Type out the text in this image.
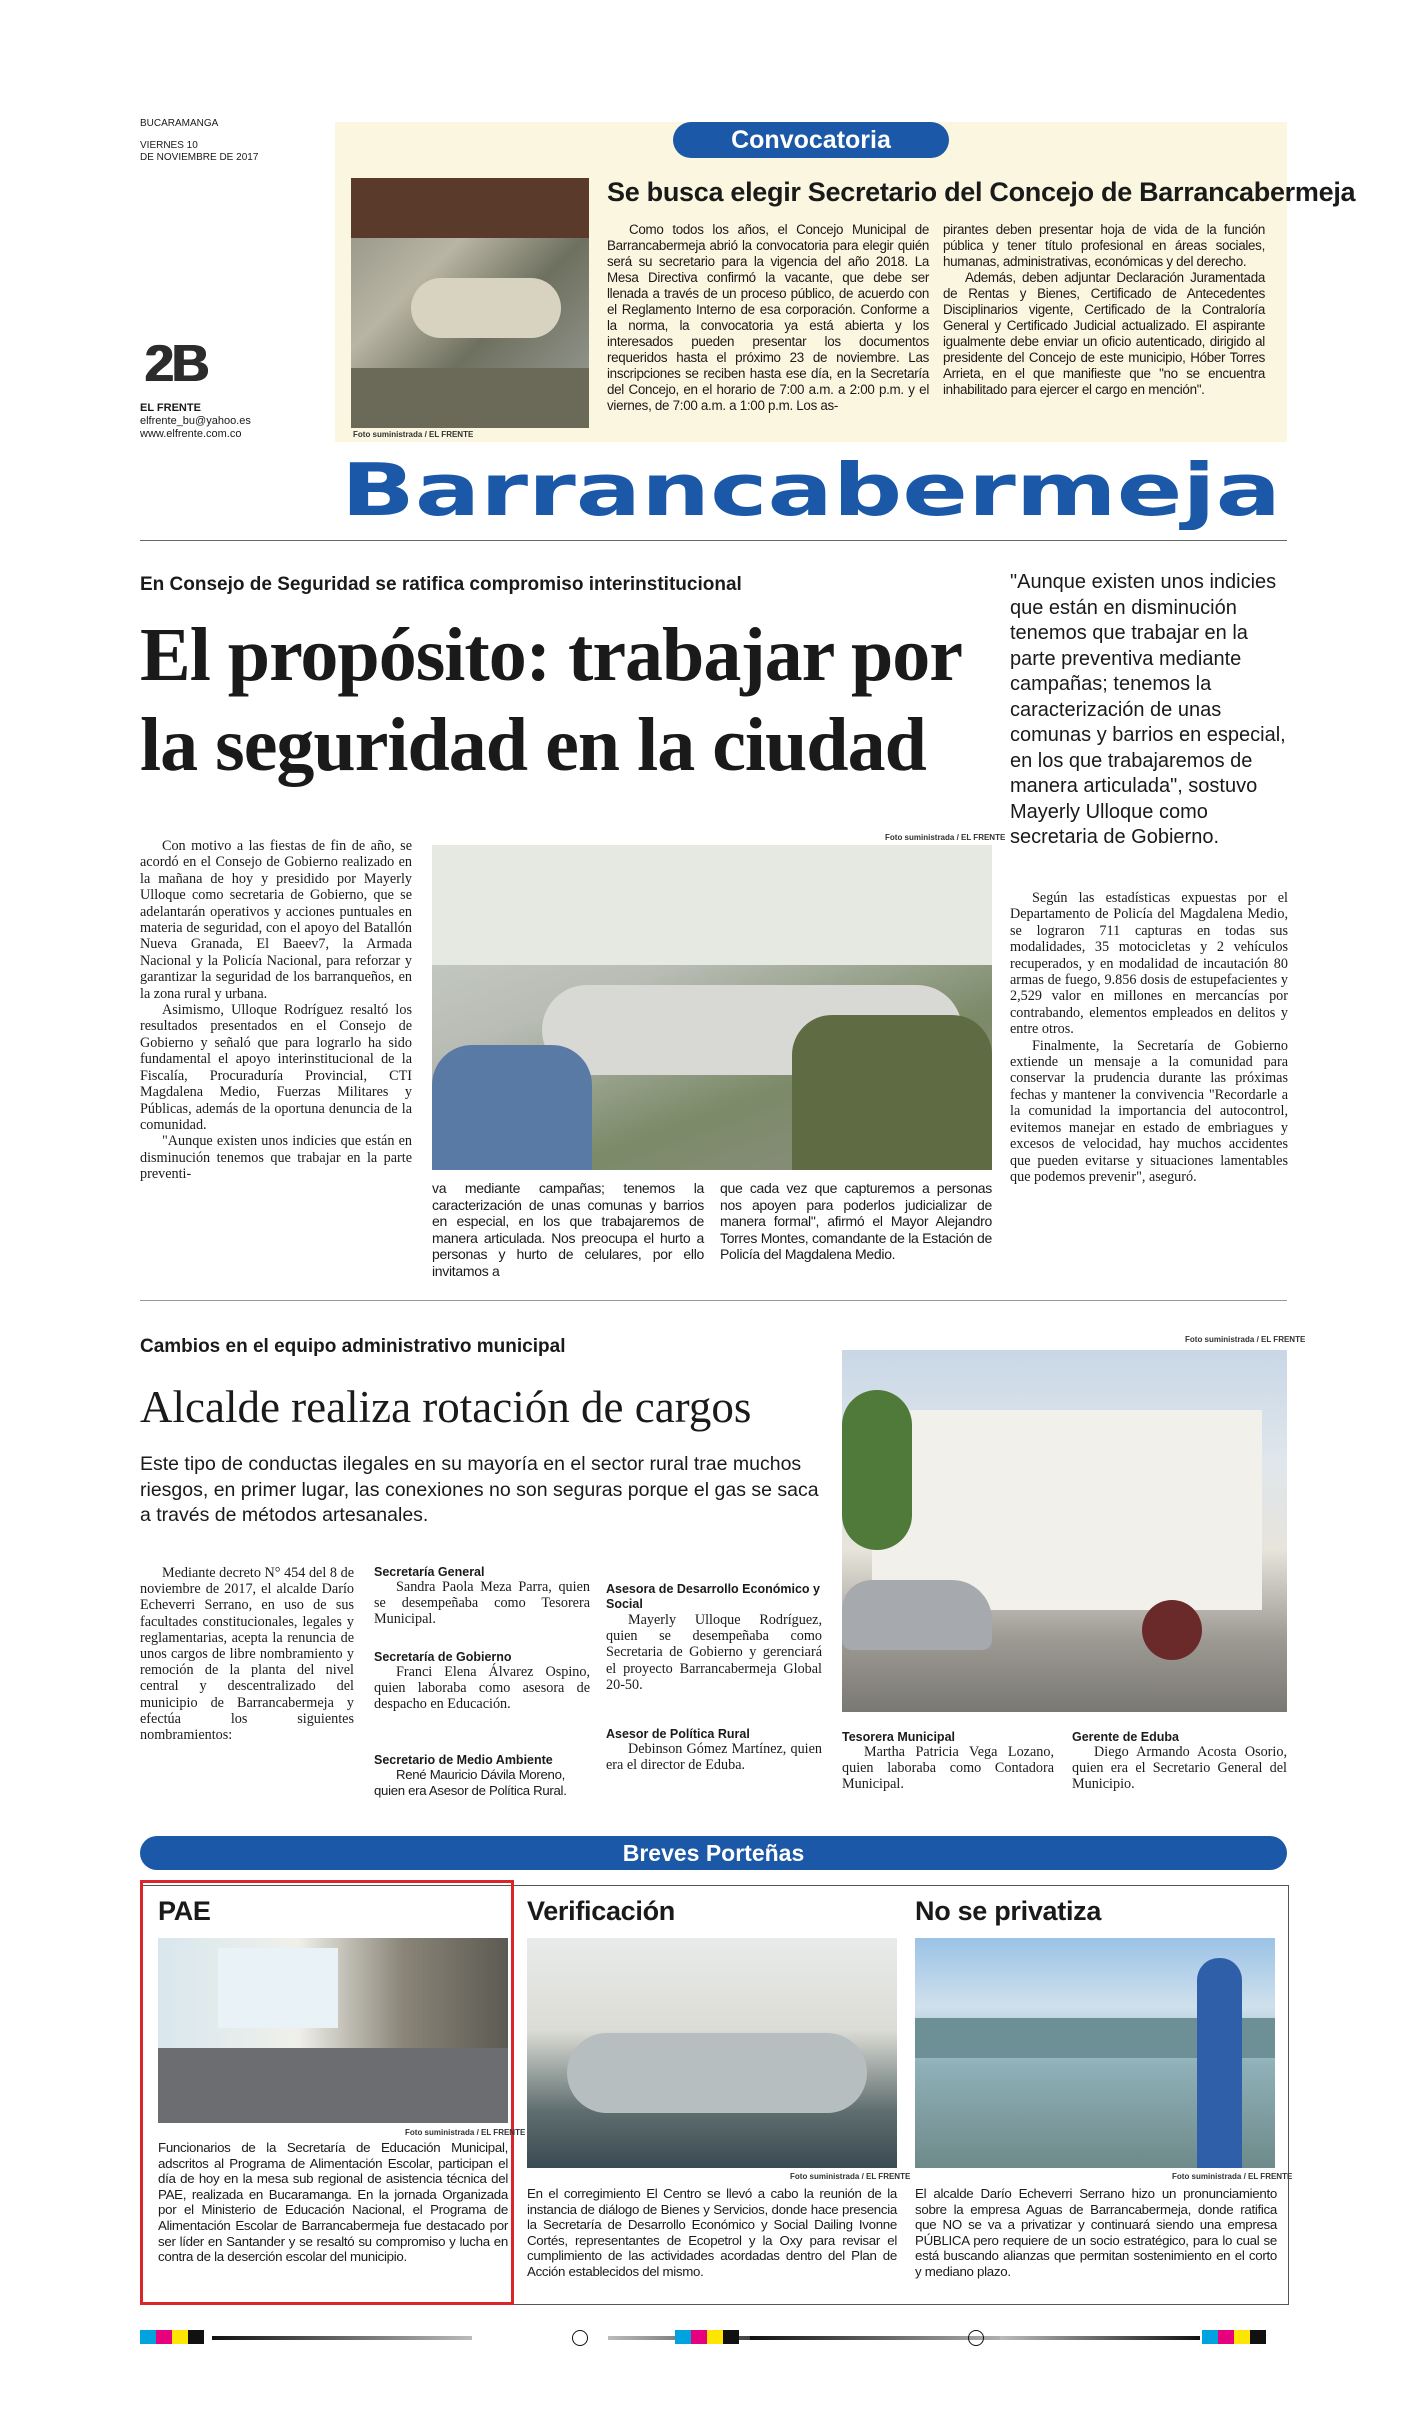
BUCARAMANGA
VIERNES 10
DE NOVIEMBRE DE 2017
2B
EL FRENTE
elfrente_bu@yahoo.es
www.elfrente.com.co
Convocatoria
Foto suministrada / EL FRENTE
Se busca elegir Secretario del Concejo de Barrancabermeja

Como todos los años, el Concejo Municipal de Barrancabermeja abrió la convocatoria para elegir quién será su secretario para la vigencia del año 2018. La Mesa Directiva confirmó la vacante, que debe ser llenada a través de un proceso público, de acuerdo con el Reglamento Interno de esa corporación. Conforme a la norma, la convocatoria ya está abierta y los interesados pueden presentar los documentos requeridos hasta el próximo 23 de noviembre. Las inscripciones se reciben hasta ese día, en la Secretaría del Concejo, en el horario de 7:00 a.m. a 2:00 p.m. y el viernes, de 7:00 a.m. a 1:00 p.m. Los as-

pirantes deben presentar hoja de vida de la función pública y tener título profesional en áreas sociales, humanas, administrativas, económicas y del derecho.

Además, deben adjuntar Declaración Juramentada de Rentas y Bienes, Certificado de Antecedentes Disciplinarios vigente, Certificado de la Contraloría General y Certificado Judicial actualizado. El aspirante igualmente debe enviar un oficio autenticado, dirigido al presidente del Concejo de este municipio, Hóber Torres Arrieta, en el que manifieste que "no se encuentra inhabilitado para ejercer el cargo en mención".

Barrancabermeja
En Consejo de Seguridad se ratifica compromiso interinstitucional
El propósito: trabajar por la seguridad en la ciudad
"Aunque existen unos indicies que están en disminución tenemos que trabajar en la parte preventiva mediante campañas; tenemos la caracterización de unas comunas y barrios en especial, en los que trabajaremos de manera articulada", sostuvo Mayerly Ulloque como secretaria de Gobierno.
Foto suministrada / EL FRENTE

Con motivo a las fiestas de fin de año, se acordó en el Consejo de Gobierno realizado en la mañana de hoy y presidido por Mayerly Ulloque como secretaria de Gobierno, que se adelantarán operativos y acciones puntuales en materia de seguridad, con el apoyo del Batallón Nueva Granada, El Baeev7, la Armada Nacional y la Policía Nacional, para reforzar y garantizar la seguridad de los barranqueños, en la zona rural y urbana.

Asimismo, Ulloque Rodríguez resaltó los resultados presentados en el Consejo de Gobierno y señaló que para lograrlo ha sido fundamental el apoyo interinstitucional de la Fiscalía, Procuraduría Provincial, CTI Magdalena Medio, Fuerzas Militares y Públicas, además de la oportuna denuncia de la comunidad.

"Aunque existen unos indicies que están en disminución tenemos que trabajar en la parte preventi-

va mediante campañas; tenemos la caracterización de unas comunas y barrios en especial, en los que trabajaremos de manera articulada. Nos preocupa el hurto a personas y hurto de celulares, por ello invitamos a
que cada vez que capturemos a personas nos apoyen para poderlos judicializar de manera formal", afirmó el Mayor Alejandro Torres Montes, comandante de la Estación de Policía del Magdalena Medio.

Según las estadísticas expuestas por el Departamento de Policía del Magdalena Medio, se lograron 711 capturas en todas sus modalidades, 35 motocicletas y 2 vehículos recuperados, y en modalidad de incautación 80 armas de fuego, 9.856 dosis de estupefacientes y 2,529 valor en millones en mercancías por contrabando, elementos empleados en delitos y entre otros.

Finalmente, la Secretaría de Gobierno extiende un mensaje a la comunidad para conservar la prudencia durante las próximas fechas y mantener la convivencia "Recordarle a la comunidad la importancia del autocontrol, evitemos manejar en estado de embriagues y excesos de velocidad, hay muchos accidentes que pueden evitarse y situaciones lamentables que podemos prevenir", aseguró.

Cambios en el equipo administrativo municipal
Alcalde realiza rotación de cargos
Este tipo de conductas ilegales en su mayoría en el sector rural trae muchos riesgos, en primer lugar, las conexiones no son seguras porque el gas se saca a través de métodos artesanales.
Foto suministrada / EL FRENTE

Mediante decreto N° 454 del 8 de noviembre de 2017, el alcalde Darío Echeverri Serrano, en uso de sus facultades constitucionales, legales y reglamentarias, acepta la renuncia de unos cargos de libre nombramiento y remoción de la planta del nivel central y descentralizado del municipio de Barrancabermeja y efectúa los siguientes nombramientos:

Secretaría General
Sandra Paola Meza Parra, quien se desempeñaba como Tesorera Municipal.
Secretaría de Gobierno
Franci Elena Álvarez Ospino, quien laboraba como asesora de despacho en Educación.
Secretario de Medio Ambiente
René Mauricio Dávila Moreno, quien era Asesor de Política Rural.
Asesora de Desarrollo Económico y Social
Mayerly Ulloque Rodríguez, quien se desempeñaba como Secretaria de Gobierno y gerenciará el proyecto Barrancabermeja Global 20-50.
Asesor de Política Rural
Debinson Gómez Martínez, quien era el director de Eduba.
Tesorera Municipal
Martha Patricia Vega Lozano, quien laboraba como Contadora Municipal.
Gerente de Eduba
Diego Armando Acosta Osorio, quien era el Secretario General del Municipio.
Breves Porteñas
PAE
Foto suministrada / EL FRENTE
Funcionarios de la Secretaría de Educación Municipal, adscritos al Programa de Alimentación Escolar, participan el día de hoy en la mesa sub regional de asistencia técnica del PAE, realizada en Bucaramanga. En la jornada Organizada por el Ministerio de Educación Nacional, el Programa de Alimentación Escolar de Barrancabermeja fue destacado por ser líder en Santander y se resaltó su compromiso y lucha en contra de la deserción escolar del municipio.
Verificación
Foto suministrada / EL FRENTE
En el corregimiento El Centro se llevó a cabo la reunión de la instancia de diálogo de Bienes y Servicios, donde hace presencia la Secretaría de Desarrollo Económico y Social Dailing Ivonne Cortés, representantes de Ecopetrol y la Oxy para revisar el cumplimiento de las actividades acordadas dentro del Plan de Acción establecidos del mismo.
No se privatiza
Foto suministrada / EL FRENTE
El alcalde Darío Echeverri Serrano hizo un pronunciamiento sobre la empresa Aguas de Barrancabermeja, donde ratifica que NO se va a privatizar y continuará siendo una empresa PÚBLICA pero requiere de un socio estratégico, para lo cual se está buscando alianzas que permitan sostenimiento en el corto y mediano plazo.
